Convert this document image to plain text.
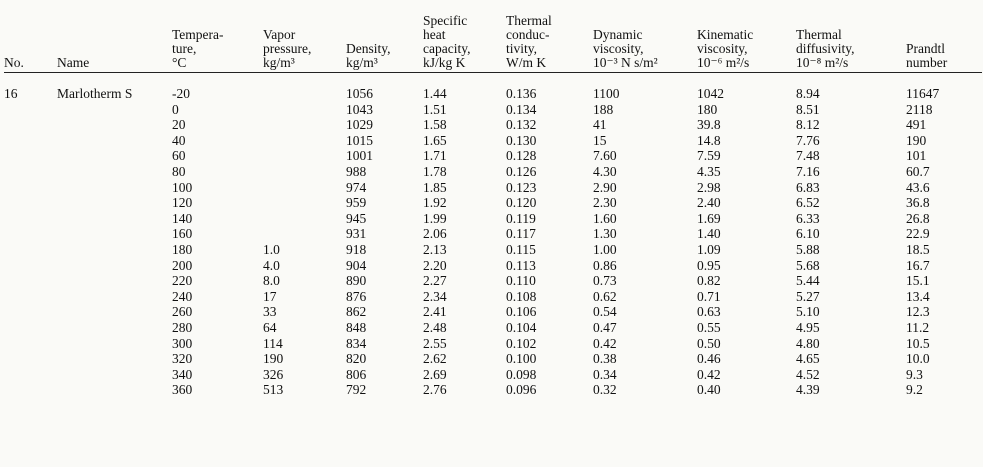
No.	Name	Tempera-
ture,
°C	Vapor
pressure,
kg/m³	Density,
kg/m³	Specific
heat
capacity,
kJ/kg K	Thermal
conduc-
tivity,
W/m K	Dynamic
viscosity,
10⁻³ N s/m²	Kinematic
viscosity,
10⁻⁶ m²/s	Thermal
diffusivity,
10⁻⁸ m²/s	Prandtl
number

16	Marlotherm S	-20		1056	1.44	0.136	1100	1042	8.94	11647
		0		1043	1.51	0.134	188	180	8.51	2118
		20		1029	1.58	0.132	41	39.8	8.12	491
		40		1015	1.65	0.130	15	14.8	7.76	190
		60		1001	1.71	0.128	7.60	7.59	7.48	101
		80		988	1.78	0.126	4.30	4.35	7.16	60.7
		100		974	1.85	0.123	2.90	2.98	6.83	43.6
		120		959	1.92	0.120	2.30	2.40	6.52	36.8
		140		945	1.99	0.119	1.60	1.69	6.33	26.8
		160		931	2.06	0.117	1.30	1.40	6.10	22.9
		180	1.0	918	2.13	0.115	1.00	1.09	5.88	18.5
		200	4.0	904	2.20	0.113	0.86	0.95	5.68	16.7
		220	8.0	890	2.27	0.110	0.73	0.82	5.44	15.1
		240	17	876	2.34	0.108	0.62	0.71	5.27	13.4
		260	33	862	2.41	0.106	0.54	0.63	5.10	12.3
		280	64	848	2.48	0.104	0.47	0.55	4.95	11.2
		300	114	834	2.55	0.102	0.42	0.50	4.80	10.5
		320	190	820	2.62	0.100	0.38	0.46	4.65	10.0
		340	326	806	2.69	0.098	0.34	0.42	4.52	9.3
		360	513	792	2.76	0.096	0.32	0.40	4.39	9.2
